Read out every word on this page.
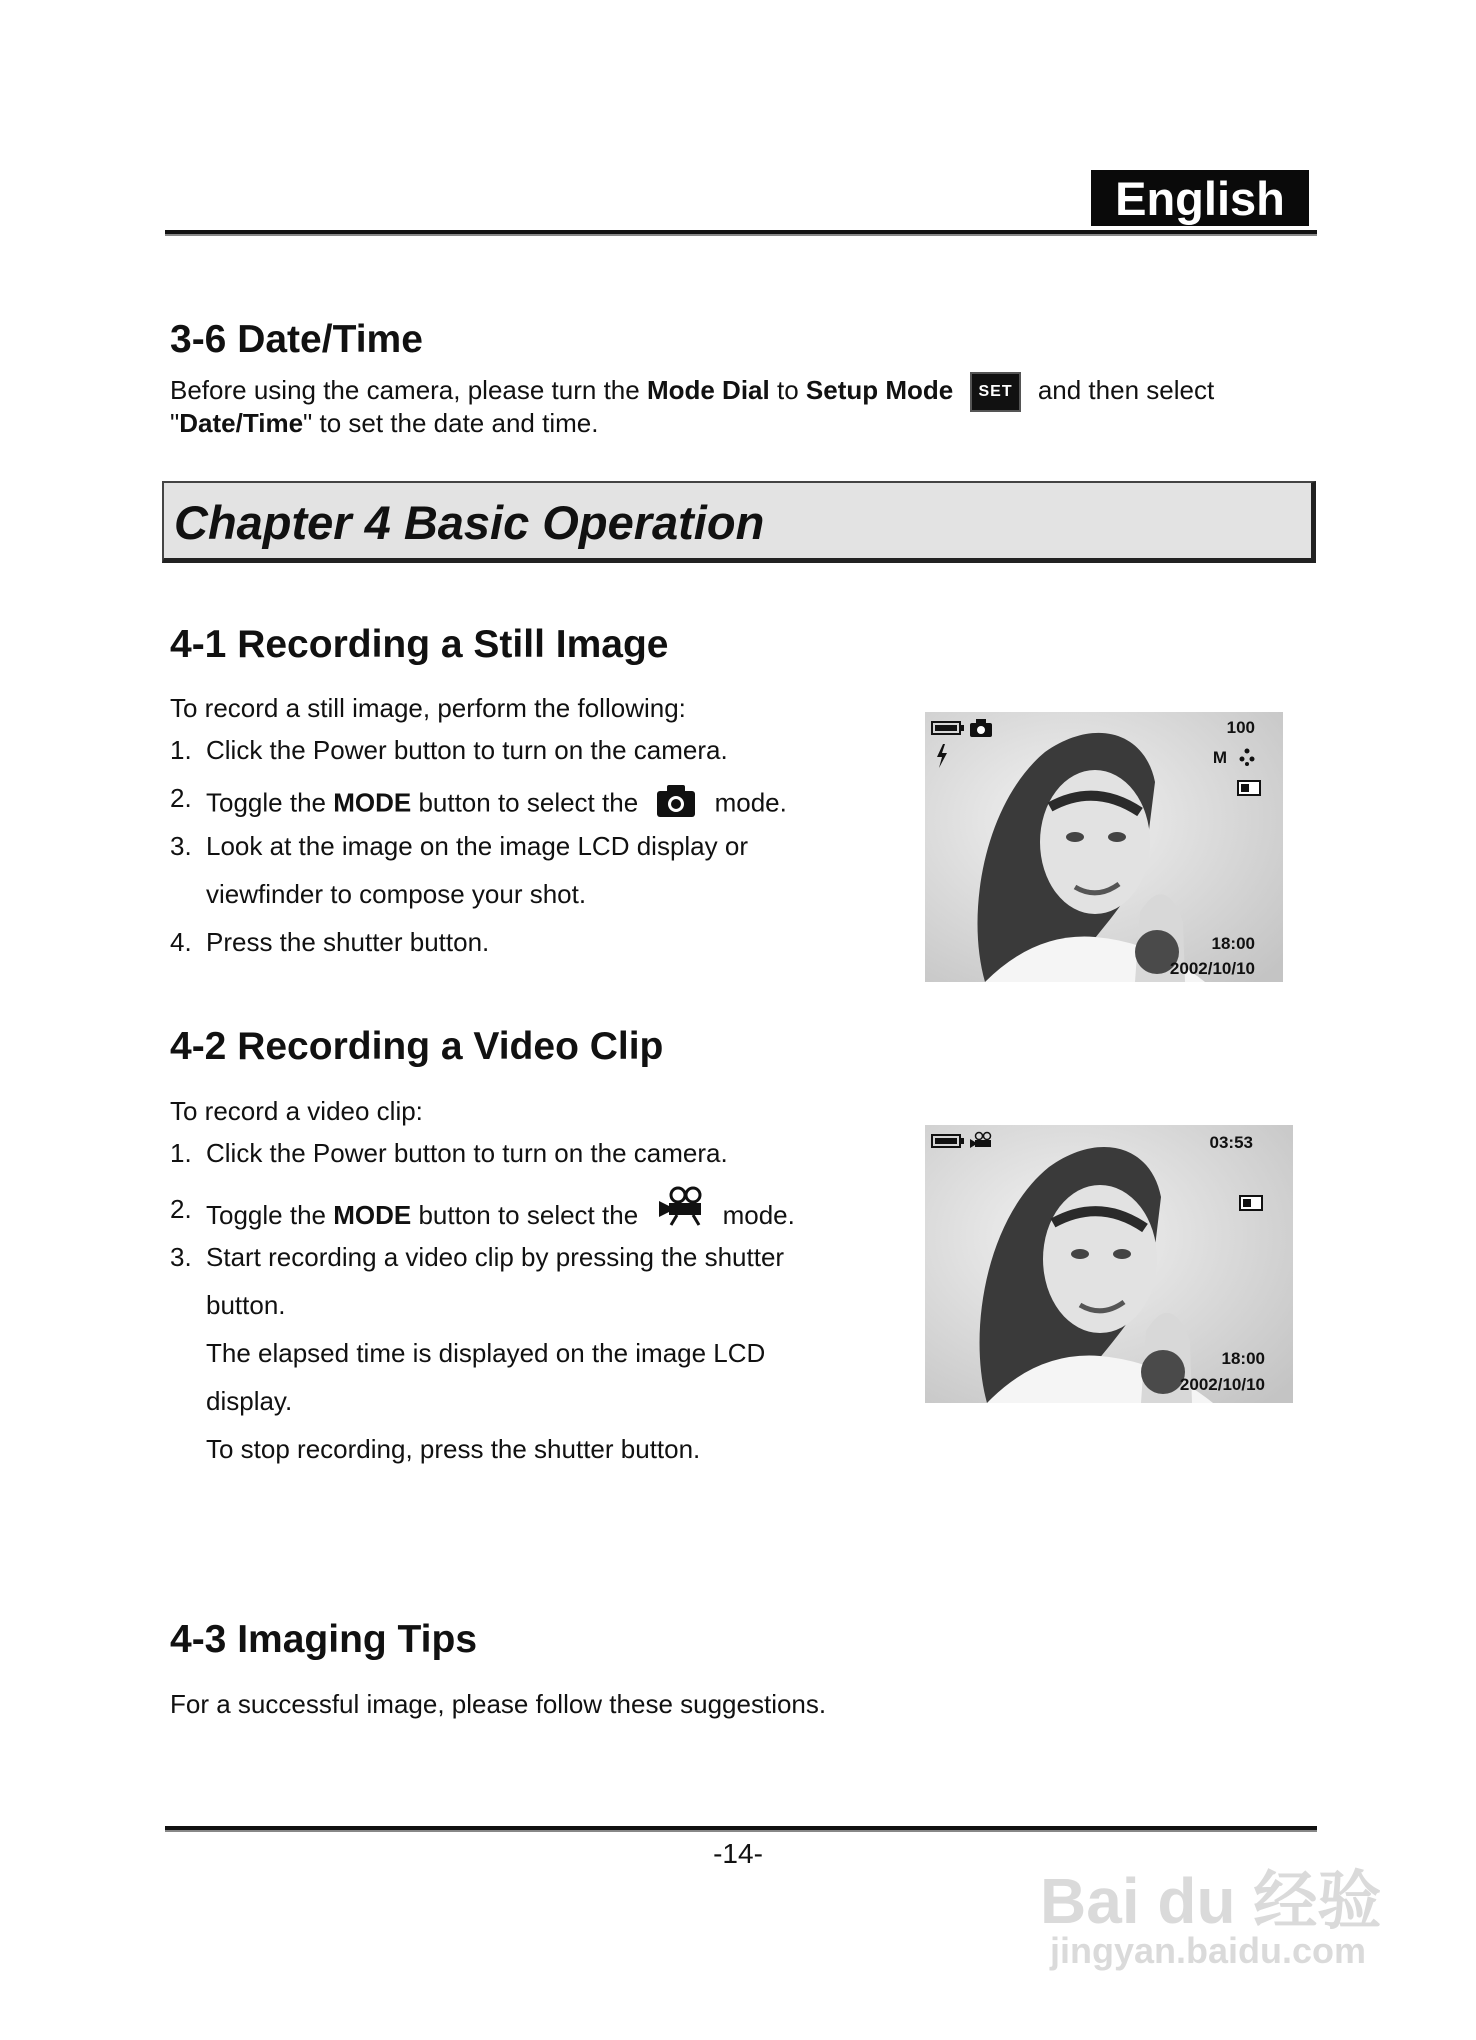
English
3-6 Date/Time

Before using the camera, please turn the Mode Dial to Setup Mode SET and then select

"Date/Time" to set the date and time.

Chapter 4 Basic Operation
4-1 Recording a Still Image

To record a still image, perform the following:

1. Click the Power button to turn on the camera.
2. Toggle the MODE button to select the  mode.
3. Look at the image on the image LCD display or
viewfinder to compose your shot.
4. Press the shutter button.
100
M
18:00
2002/10/10
4-2 Recording a Video Clip

To record a video clip:

1. Click the Power button to turn on the camera.
2. Toggle the MODE button to select the	mode.
3. Start recording a video clip by pressing the shutter
button.
The elapsed time is displayed on the image LCD
display.
To stop recording, press the shutter button.
03:53
18:00
2002/10/10
4-3 Imaging Tips

For a successful image, please follow these suggestions.

-14-
Bai du 经验
jingyan.baidu.com
